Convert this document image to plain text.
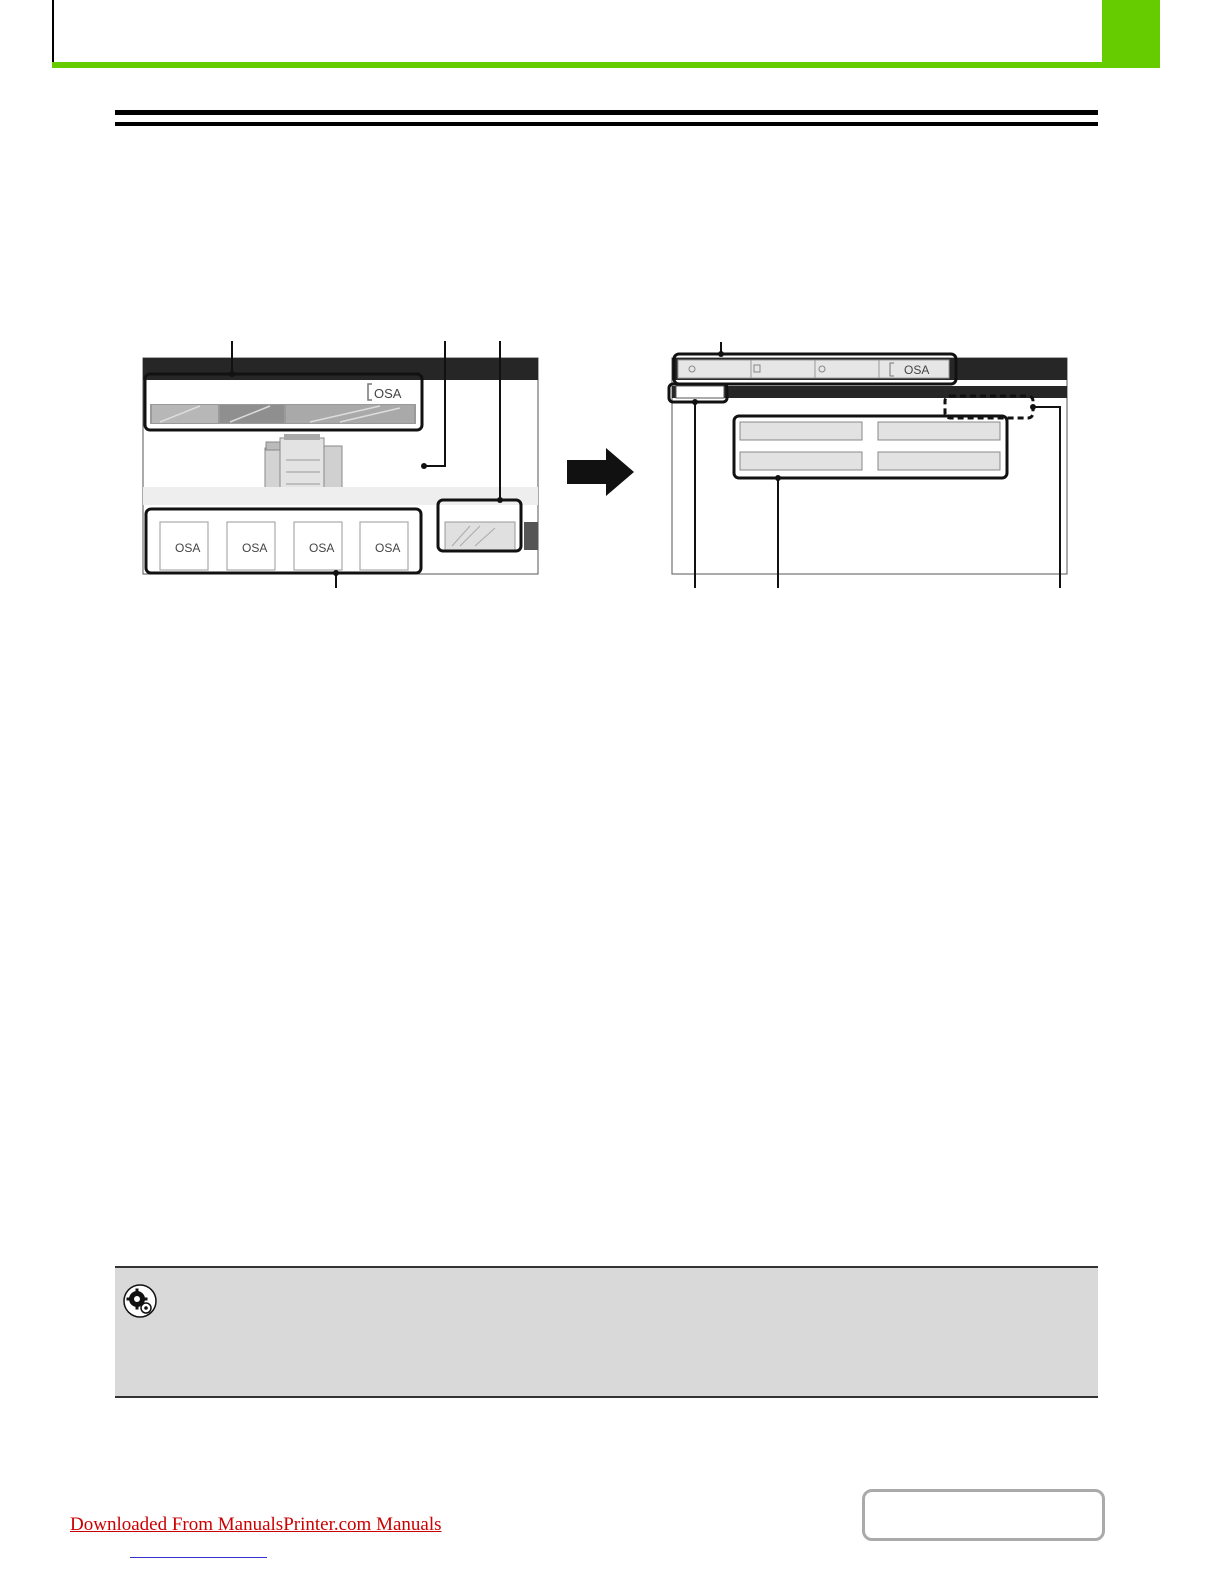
OSA
OSA	OSA	OSA	OSA
OSA
Downloaded From ManualsPrinter.com Manuals
